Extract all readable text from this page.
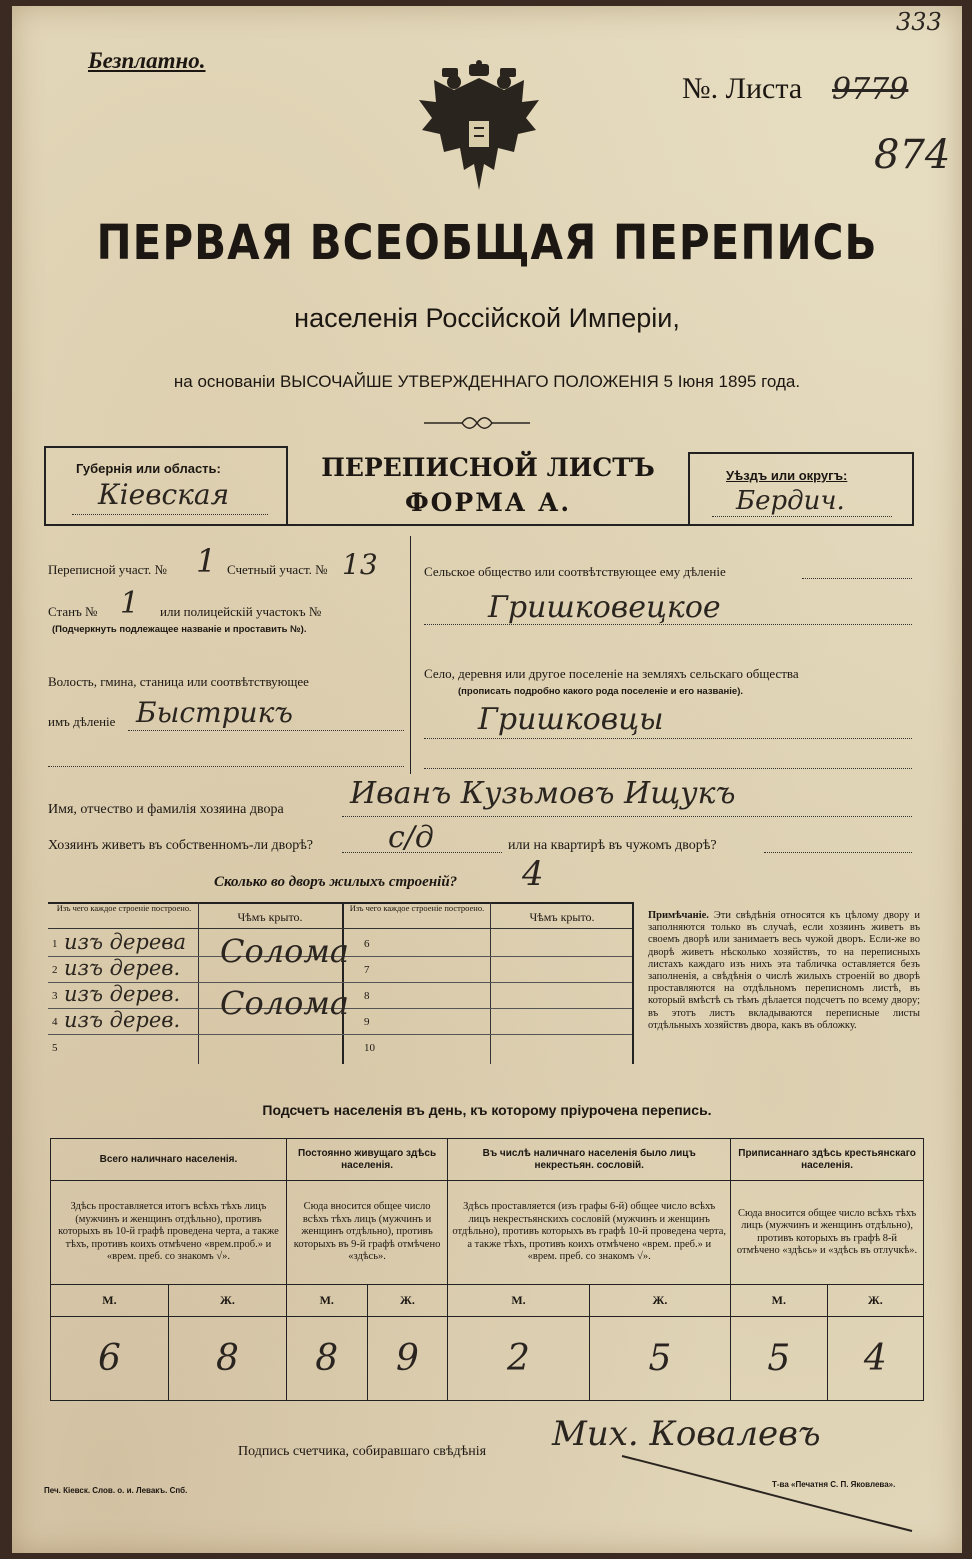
Безплатно.
333
№. Листа 9779
874
ПЕРВАЯ ВСЕОБЩАЯ ПЕРЕПИСЬ
населенія Россійской Имперіи,
на основаніи ВЫСОЧАЙШЕ УТВЕРЖДЕННАГО ПОЛОЖЕНІЯ 5 Іюня 1895 года.
Губернія или область:
Кіевская
ПЕРЕПИСНОЙ ЛИСТЪ
ФОРМА А.
Уѣздъ или округъ:
Бердич.
Переписной участ. № 1 Счетный участ. № 13
Станъ № 1 или полицейскій участокъ №
(Подчеркнуть подлежащее названіе и проставить №).
Волость, гмина, станица или соотвѣтствующее
имъ дѣленіе Быстрикъ
Сельское общество или соотвѣтствующее ему дѣленіе
Гришковецкое
Село, деревня или другое поселеніе на земляхъ сельскаго общества
(прописать подробно какого рода поселеніе и его названіе).
Гришковцы
Имя, отчество и фамилія хозяина двора Иванъ Кузьмовъ Ищукъ
Хозяинъ живетъ въ собственномъ-ли дворѣ? с/д	или на квартирѣ въ чужомъ дворѣ?
Сколько во дворъ жилыхъ строеній? 4
Изъ чего каждое строеніе построено.
Чѣмъ крыто.
Изъ чего каждое строеніе построено.
Чѣмъ крыто.
1 изъ дерева Солома
2 изъ дерев.
3 изъ дерев. Солома
4 изъ дерев.
5
6
7
8
9
10
Примѣчаніе. Эти свѣдѣнія относятся къ цѣлому двору и заполняются только въ случаѣ, если хозяинъ живетъ въ своемъ дворѣ или занимаетъ весь чужой дворъ. Если-же во дворѣ живетъ нѣсколько хозяйствъ, то на переписныхъ листахъ каждаго изъ нихъ эта табличка оставляется безъ заполненія, а свѣдѣнія о числѣ жилыхъ строеній во дворѣ проставляются на отдѣльномъ переписномъ листѣ, въ который вмѣстѣ съ тѣмъ дѣлается подсчетъ по всему двору; въ этотъ листъ вкладываются переписные листы отдѣльныхъ хозяйствъ двора, какъ въ обложку.
Подсчетъ населенія въ день, къ которому пріурочена перепись.
Всего наличнаго населенія.		Постоянно живущаго здѣсь населенія.		Въ числѣ наличнаго населенія было лицъ некрестьян. сословій.		Приписаннаго здѣсь крестьянскаго населенія.	
Здѣсь проставляется итогъ всѣхъ тѣхъ лицъ (мужчинъ и женщинъ отдѣльно), противъ которыхъ въ 10-й графѣ проведена черта, а также тѣхъ, противъ коихъ отмѣчено «врем.проб.» и «врем. преб. со знакомъ √».		Сюда вносится общее число всѣхъ тѣхъ лицъ (мужчинъ и женщинъ отдѣльно), противъ которыхъ въ 9-й графѣ отмѣчено «здѣсь».		Здѣсь проставляется (изъ графы 6-й) общее число всѣхъ лицъ некрестьянскихъ сословій (мужчинъ и женщинъ отдѣльно), противъ которыхъ въ графѣ 10-й проведена черта, а также тѣхъ, противъ коихъ отмѣчено «врем. преб.» и «врем. преб. со знакомъ √».		Сюда вносится общее число всѣхъ тѣхъ лицъ (мужчинъ и женщинъ отдѣльно), противъ которыхъ въ графѣ 8-й отмѣчено «здѣсь» и «здѣсь въ отлучкѣ».	
М.	Ж.	М.	Ж.	М.	Ж.	М.	Ж.
6	8	8	9	2	5	5	4
Подпись счетчика, собиравшаго свѣдѣнія Мих. Ковалевъ
Печ. Кіевск. Слов. о. и. Левакъ. Спб.
Т-ва «Печатня С. П. Яковлева».
